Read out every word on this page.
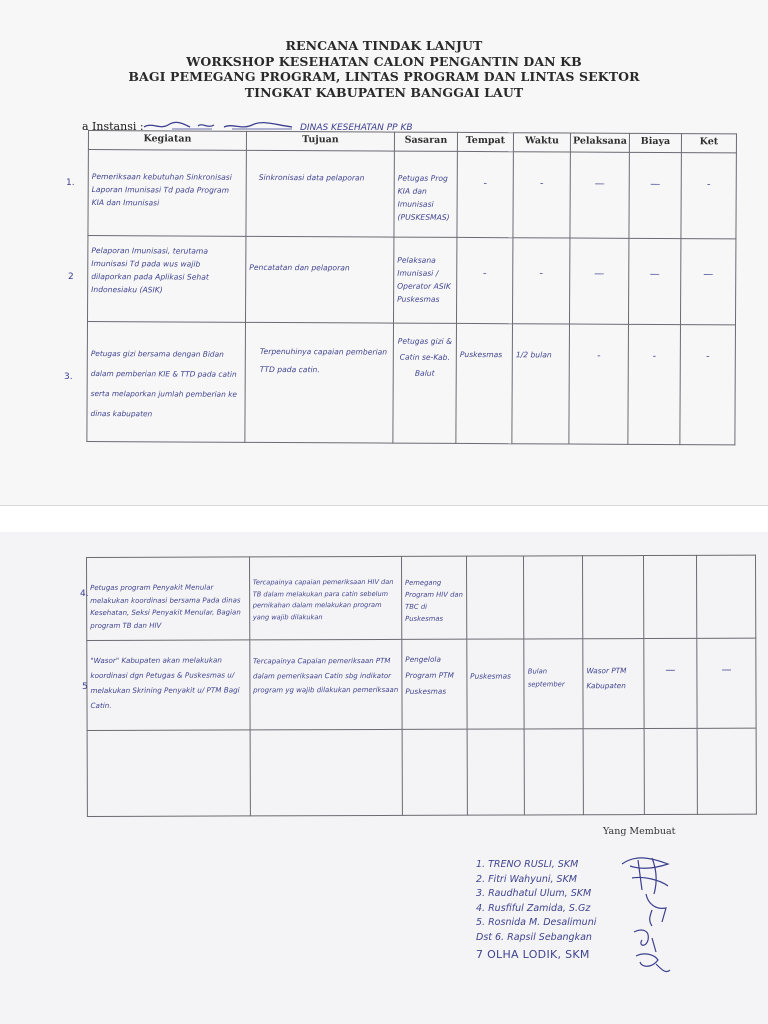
RENCANA TINDAK LANJUT
WORKSHOP KESEHATAN CALON PENGANTIN DAN KB
BAGI PEMEGANG PROGRAM, LINTAS PROGRAM DAN LINTAS SEKTOR
TINGKAT KABUPATEN BANGGAI LAUT
a Instansi :	DINAS KESEHATAN PP KB
Kegiatan	Tujuan	Sasaran	Tempat	Waktu	Pelaksana	Biaya	Ket
Pemeriksaan kebutuhan Sinkronisasi Laporan Imunisasi Td pada Program KIA dan Imunisasi	Sinkronisasi data pelaporan	Petugas Prog KIA dan Imunisasi (PUSKESMAS)	-	-	—	—	-
Pelaporan Imunisasi, terutama Imunisasi Td pada wus wajib dilaporkan pada Aplikasi Sehat Indonesiaku (ASIK)	Pencatatan dan pelaporan	Pelaksana Imunisasi / Operator ASIK Puskesmas	-	-	—	—	—
Petugas gizi bersama dengan Bidan dalam pemberian KIE & TTD pada catin serta melaporkan jumlah pemberian ke dinas kabupaten	Terpenuhinya capaian pemberian TTD pada catin.	Petugas gizi & Catin se-Kab. Balut	Puskesmas	1/2 bulan	-	-	-
1.
2
3.
Petugas program Penyakit Menular melakukan koordinasi bersama Pada dinas Kesehatan, Seksi Penyakit Menular, Bagian program TB dan HIV	Tercapainya capaian pemeriksaan HIV dan TB dalam melakukan para catin sebelum pernikahan dalam melakukan program yang wajib dilakukan	Pemegang Program HIV dan TBC di Puskesmas					
"Wasor" Kabupaten akan melakukan koordinasi dgn Petugas & Puskesmas u/ melakukan Skrining Penyakit u/ PTM Bagi Catin.	Tercapainya Capaian pemeriksaan PTM dalam pemeriksaan Catin sbg indikator program yg wajib dilakukan pemeriksaan	Pengelola Program PTM Puskesmas	Puskesmas	Bulan september	Wasor PTM Kabupaten	—	—

4.
5
Yang Membuat
1. TRENO RUSLI, SKM
2. Fitri Wahyuni, SKM
3. Raudhatul Ulum, SKM
4. Rusfiful Zamida, S.Gz
5. Rosnida M. Desalimuni
Dst 6. Rapsil Sebangkan
7 OLHA LODIK, SKM
